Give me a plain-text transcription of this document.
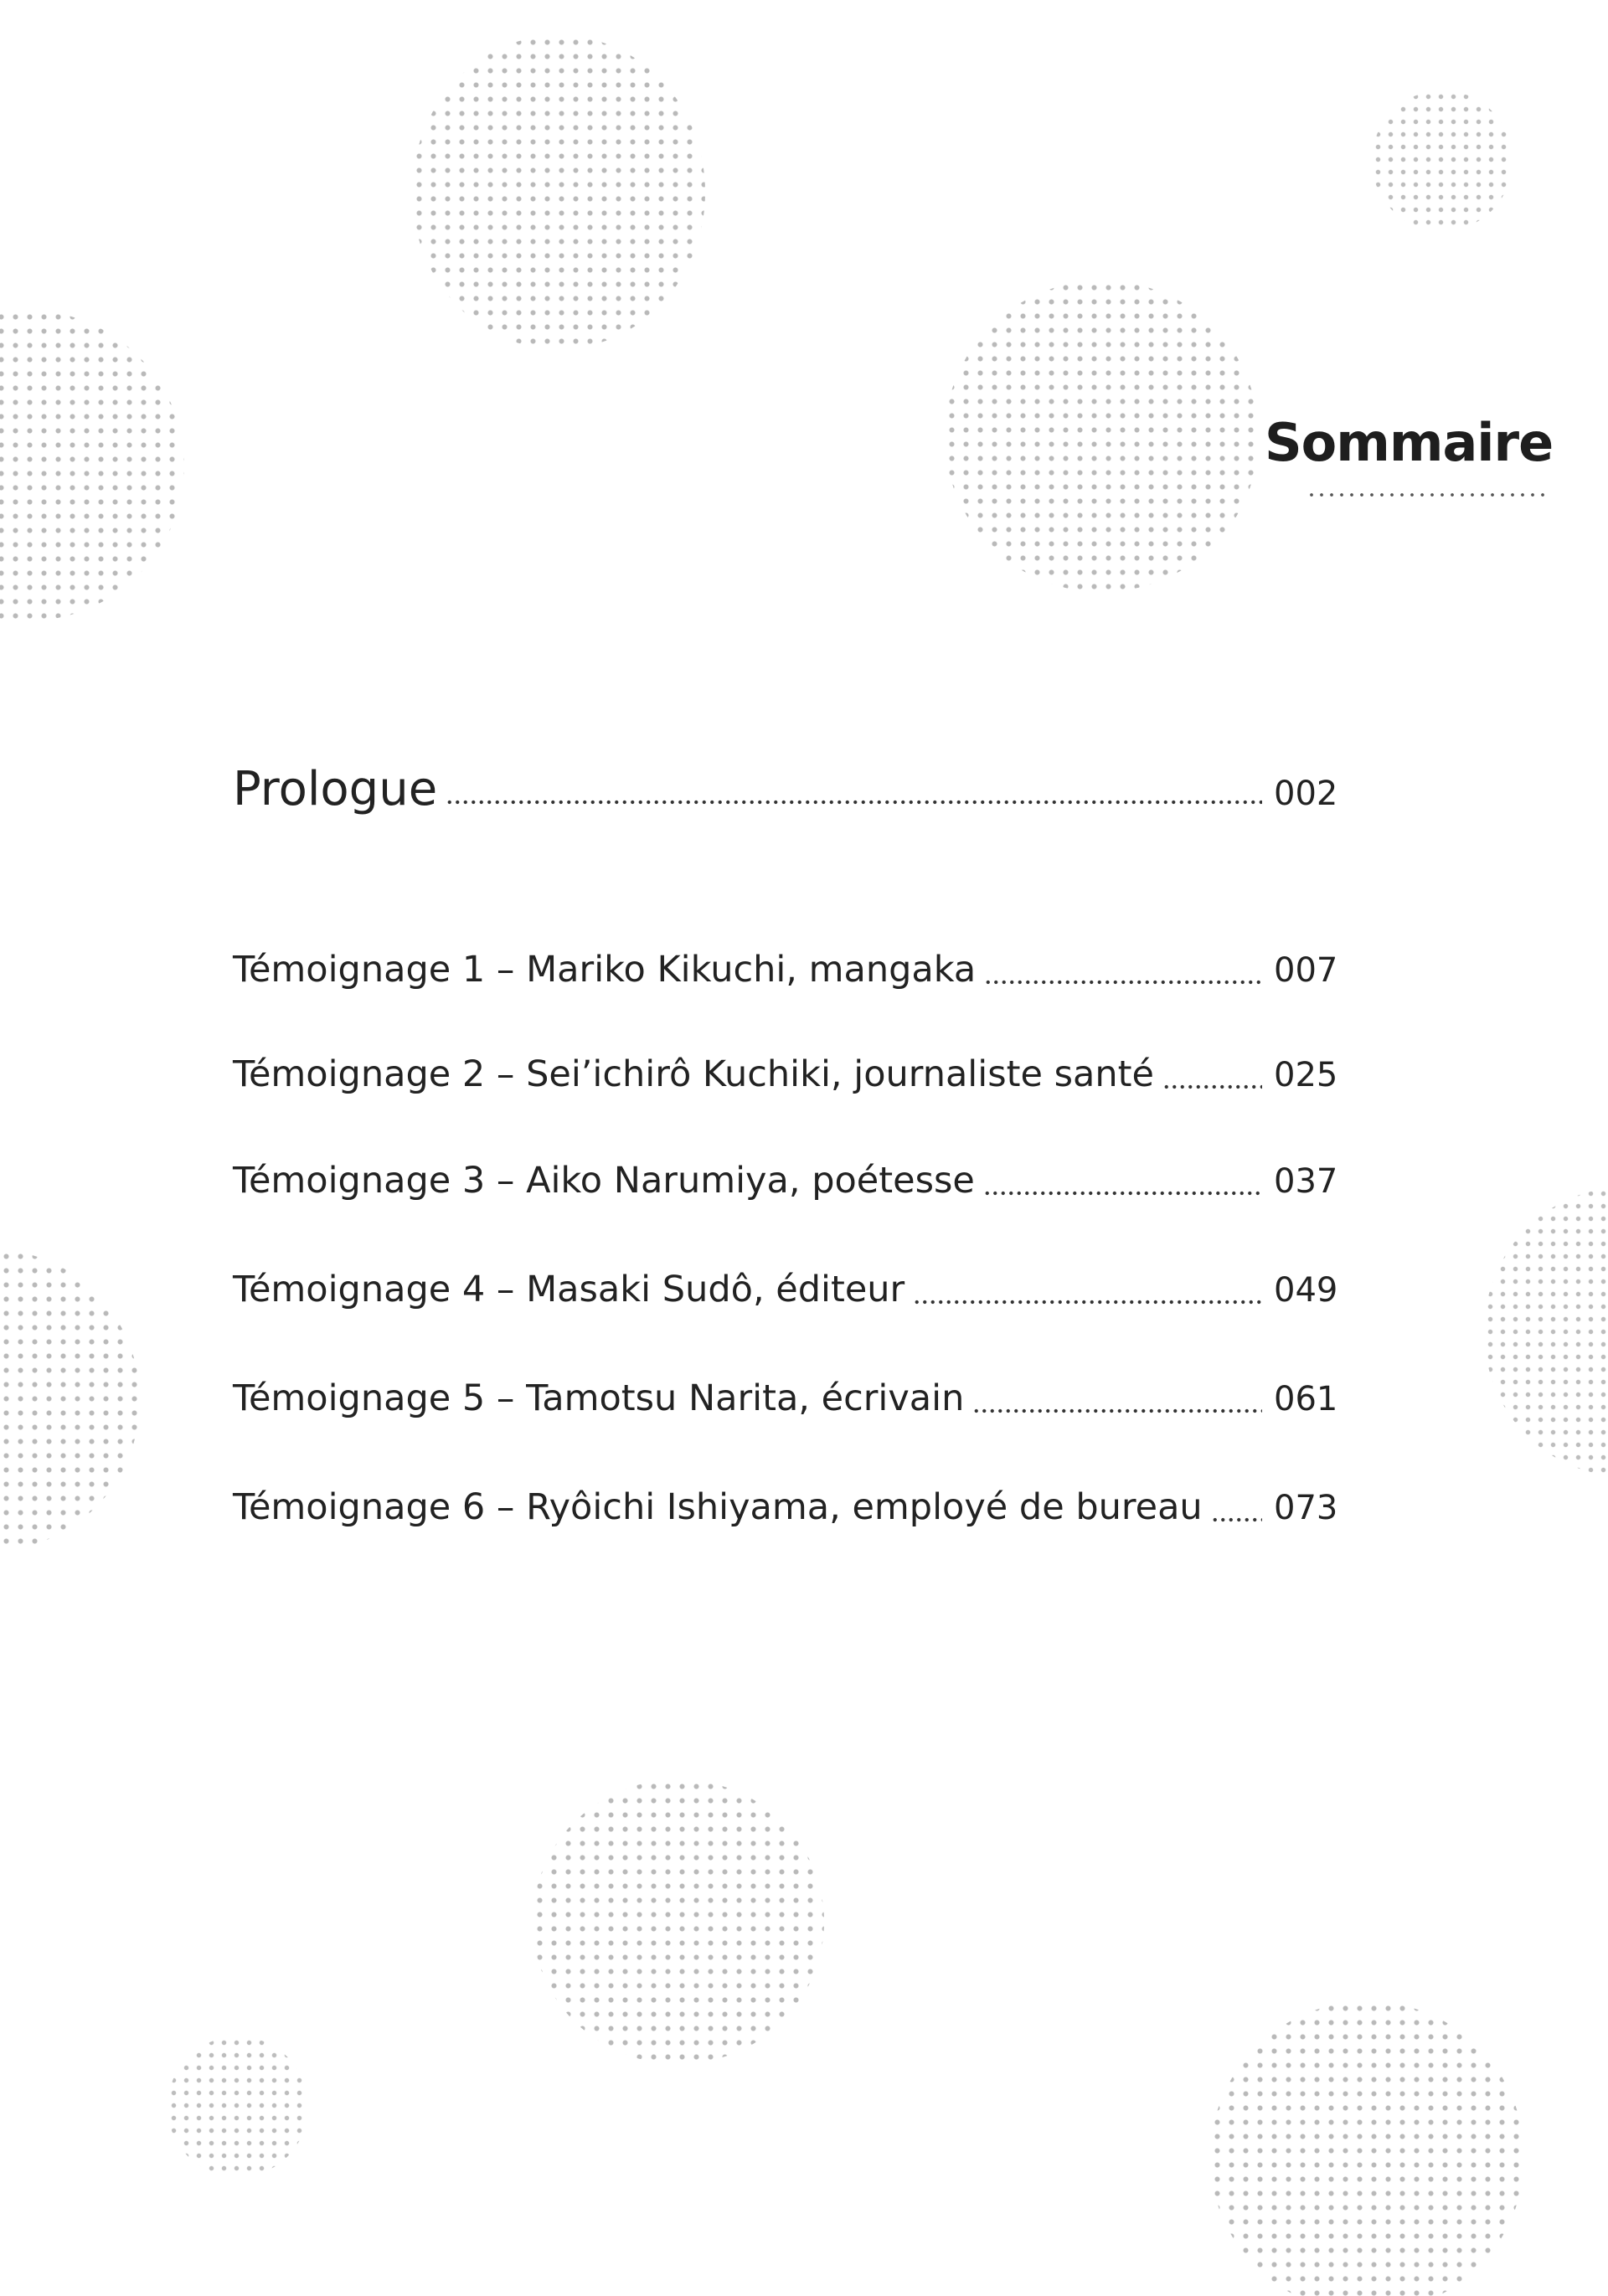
Sommaire
Prologue	002
Témoignage 1 – Mariko Kikuchi, mangaka	007
Témoignage 2 – Sei’ichirô Kuchiki, journaliste santé	025
Témoignage 3 – Aiko Narumiya, poétesse	037
Témoignage 4 – Masaki Sudô, éditeur	049
Témoignage 5 – Tamotsu Narita, écrivain	061
Témoignage 6 – Ryôichi Ishiyama, employé de bureau 073
